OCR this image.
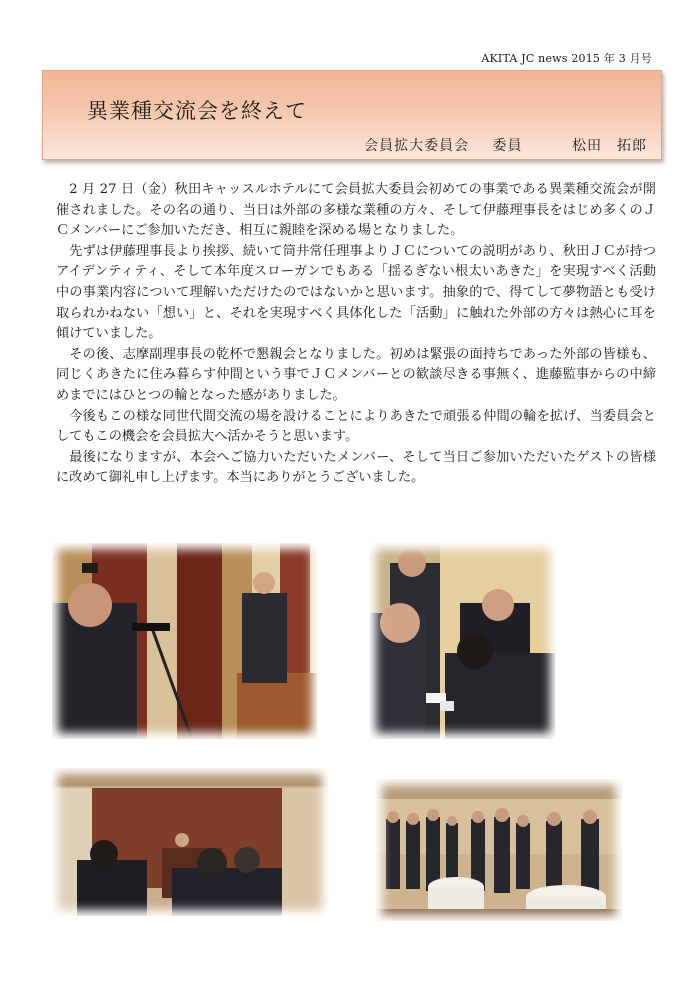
AKITA JC news 2015 年 3 月号
異業種交流会を終えて
会員拡大委員会 委員	松田　拓郎

2 月 27 日（金）秋田キャッスルホテルにて会員拡大委員会初めての事業である異業種交流会が開催されました。その名の通り、当日は外部の多様な業種の方々、そして伊藤理事長をはじめ多くのＪＣメンバーにご参加いただき、相互に親睦を深める場となりました。

先ずは伊藤理事長より挨拶、続いて筒井常任理事よりＪＣについての説明があり、秋田ＪＣが持つアイデンティティ、そして本年度スローガンでもある「揺るぎない根太いあきた」を実現すべく活動中の事業内容について理解いただけたのではないかと思います。抽象的で、得てして夢物語とも受け取られかねない「想い」と、それを実現すべく具体化した「活動」に触れた外部の方々は熱心に耳を傾けていました。

その後、志摩副理事長の乾杯で懇親会となりました。初めは緊張の面持ちであった外部の皆様も、同じくあきたに住み暮らす仲間という事でＪＣメンバーとの歓談尽きる事無く、進藤監事からの中締めまでにはひとつの輪となった感がありました。

今後もこの様な同世代間交流の場を設けることによりあきたで頑張る仲間の輪を拡げ、当委員会としてもこの機会を会員拡大へ活かそうと思います。

最後になりますが、本会へご協力いただいたメンバー、そして当日ご参加いただいたゲストの皆様に改めて御礼申し上げます。本当にありがとうございました。
